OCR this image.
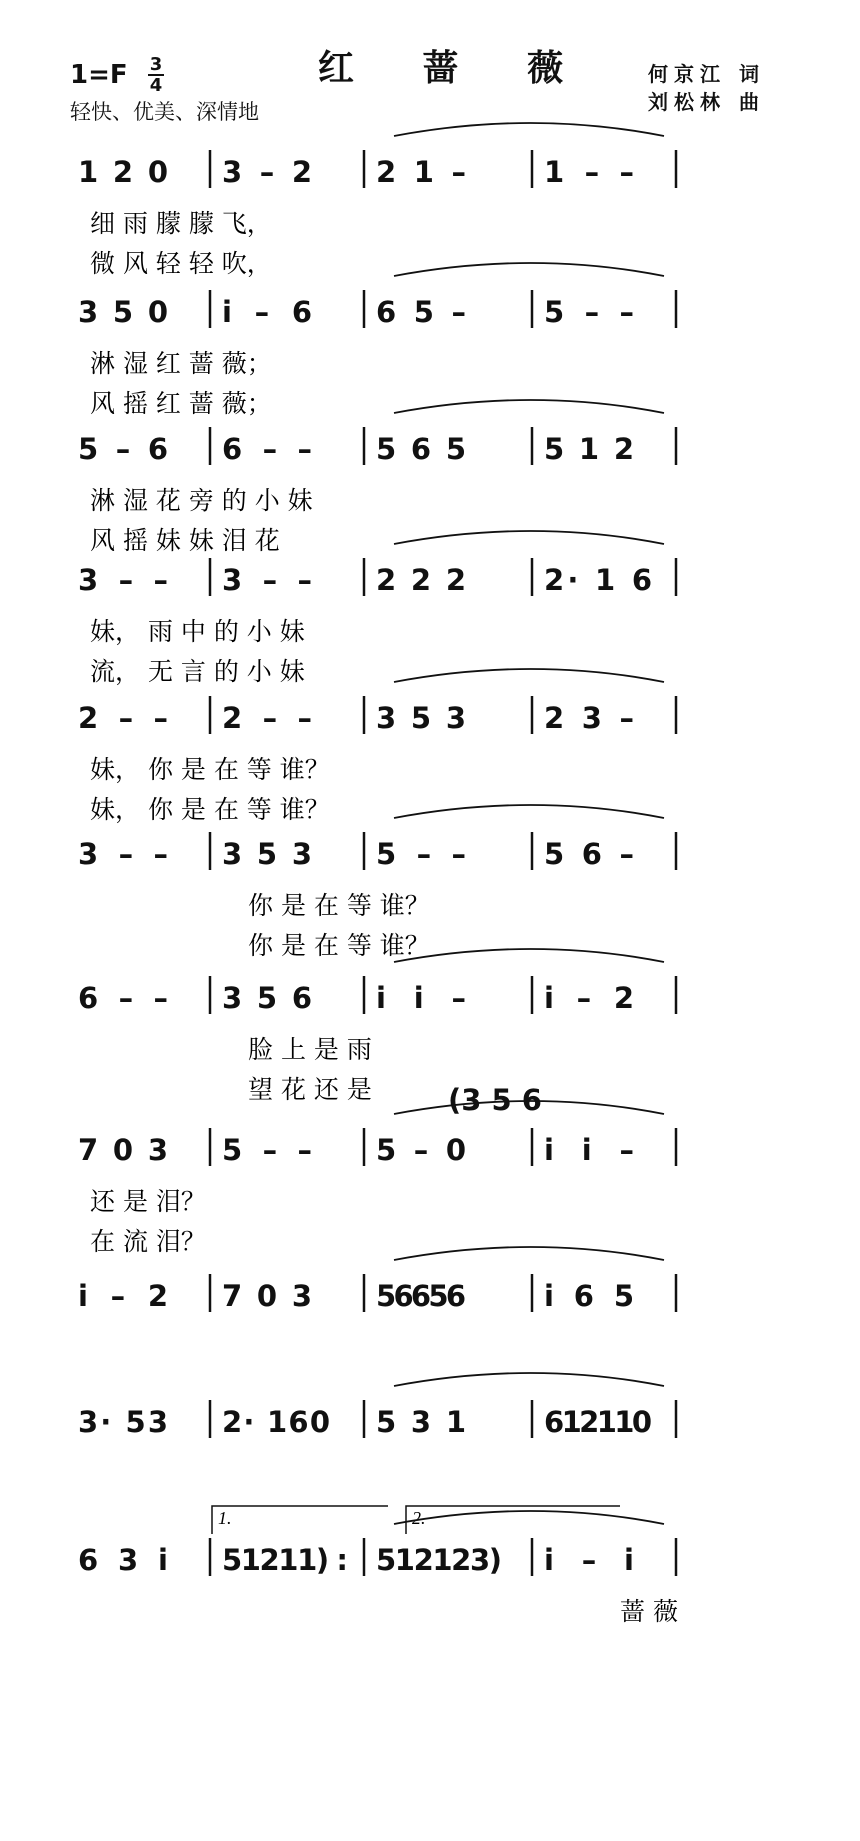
红 蔷 薇
1=F 3
4
轻快、优美、深情地
何京江 词
刘松林 曲
1 2 0 3 – 2 2 1 –	1 – –
细 雨 朦 朦 飞，
微 风 轻 轻 吹，
3 5 0 i – 6 6 5 –	5 – –
淋 湿 红 蔷 薇；
风 摇 红 蔷 薇；
5 – 6 6 – – 5 6 5	5 1 2
淋 湿 花 旁 的 小 妹
风 摇 妹 妹 泪 花
3 – – 3 – – 2 2 2	2· 1 6
妹， 雨 中 的 小 妹
流， 无 言 的 小 妹
2 – – 2 – – 3 5 3	2 3 –
妹， 你 是 在 等 谁？
妹， 你 是 在 等 谁？
3 – – 3 5 3 5 – –	5 6 –
你 是 在 等 谁？
你 是 在 等 谁？
6 – – 3 5 6 i i –	i – 2
脸 上 是 雨
望 花 还 是
7 0 3 5 – – 5 – 0	i i –
(3 5 6
还 是 泪？
在 流 泪？
i – 2 7 0 3 56656	i 6 5
3· 53 2· 160 5 3 1	612110
6 3 i 51211) : 512123) i – i
1.	2.
蔷 薇
